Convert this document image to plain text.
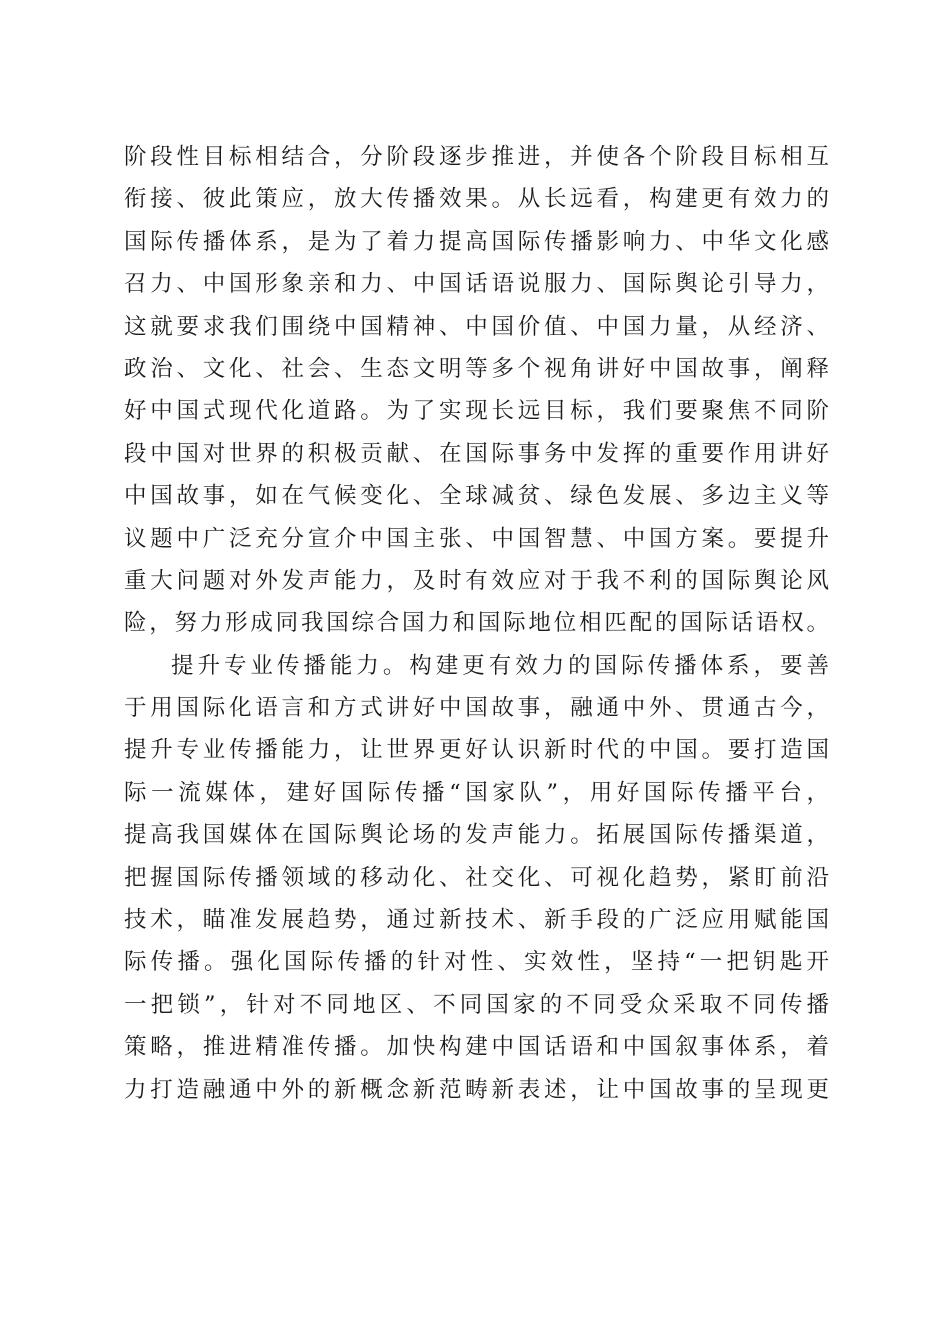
阶段性目标相结合，分阶段逐步推进，并使各个阶段目标相互
衔接、彼此策应，放大传播效果。从长远看，构建更有效力的
国际传播体系，是为了着力提高国际传播影响力、中华文化感
召力、中国形象亲和力、中国话语说服力、国际舆论引导力，
这就要求我们围绕中国精神、中国价值、中国力量，从经济、
政治、文化、社会、生态文明等多个视角讲好中国故事，阐释
好中国式现代化道路。为了实现长远目标，我们要聚焦不同阶
段中国对世界的积极贡献、在国际事务中发挥的重要作用讲好
中国故事，如在气候变化、全球减贫、绿色发展、多边主义等
议题中广泛充分宣介中国主张、中国智慧、中国方案。要提升
重大问题对外发声能力，及时有效应对于我不利的国际舆论风
险，努力形成同我国综合国力和国际地位相匹配的国际话语权。
提升专业传播能力。构建更有效力的国际传播体系，要善
于用国际化语言和方式讲好中国故事，融通中外、贯通古今，
提升专业传播能力，让世界更好认识新时代的中国。要打造国
际一流媒体，建好国际传播“国家队”，用好国际传播平台，
提高我国媒体在国际舆论场的发声能力。拓展国际传播渠道，
把握国际传播领域的移动化、社交化、可视化趋势，紧盯前沿
技术，瞄准发展趋势，通过新技术、新手段的广泛应用赋能国
际传播。强化国际传播的针对性、实效性，坚持“一把钥匙开
一把锁”，针对不同地区、不同国家的不同受众采取不同传播
策略，推进精准传播。加快构建中国话语和中国叙事体系，着
力打造融通中外的新概念新范畴新表述，让中国故事的呈现更
